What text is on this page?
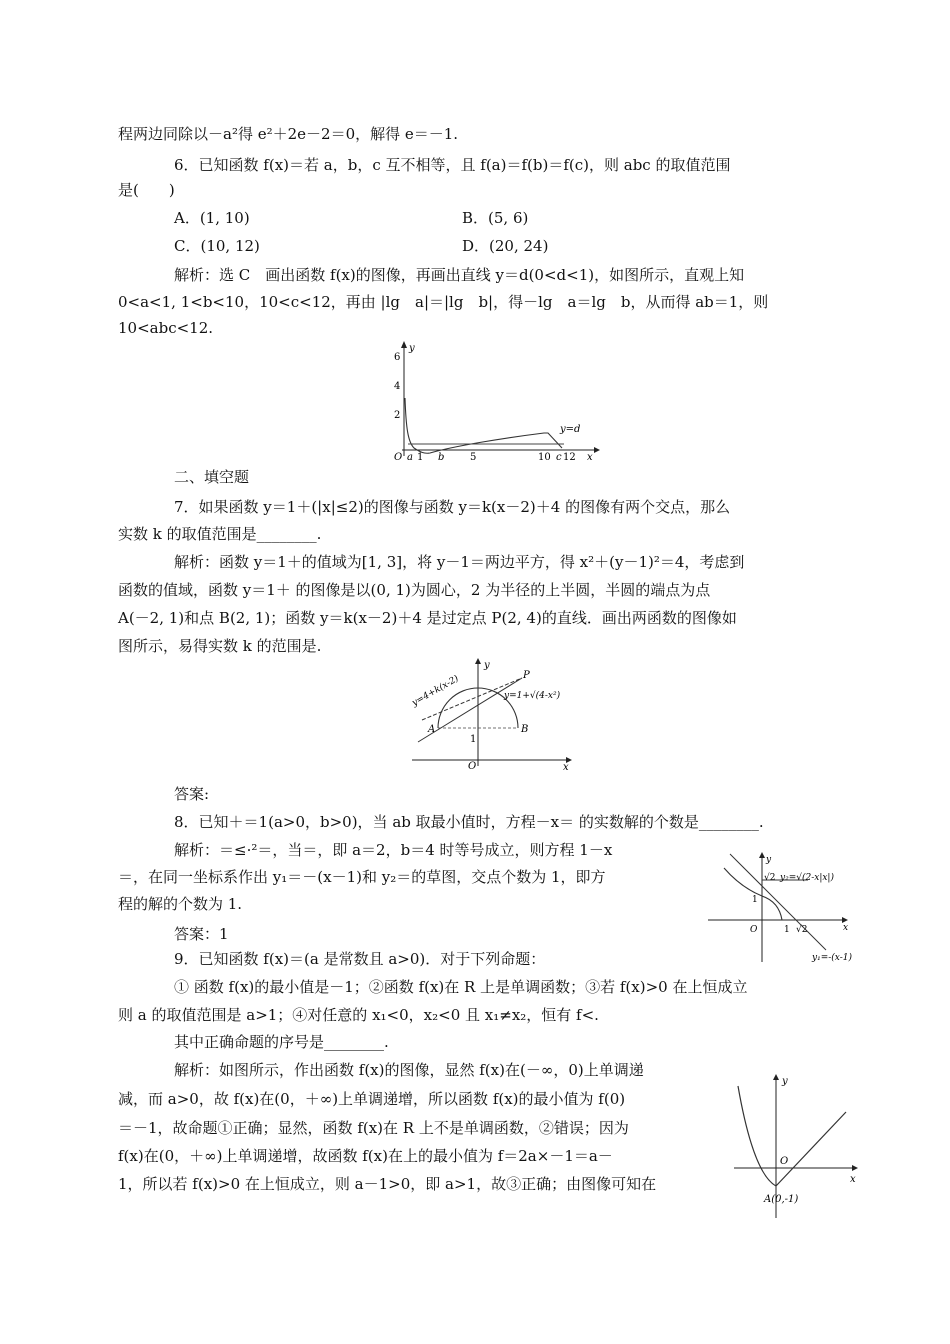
程两边同除以－a²得 e²＋2e－2＝0，解得 e＝－1.
6．已知函数 f(x)＝若 a，b，c 互不相等，且 f(a)＝f(b)＝f(c)，则 abc 的取值范围
是(　　)
A．(1, 10)	B．(5, 6)
C．(10, 12)	D．(20, 24)
解析：选 C　画出函数 f(x)的图像，再画出直线 y＝d(0<d<1)，如图所示，直观上知
0<a<1, 1<b<10，10<c<12，再由 |lg　a|＝|lg　b|，得－lg　a＝lg　b，从而得 ab＝1，则
10<abc<12.
y
6
4
2
y=d
O a 1 b	5	10 c 12 x
二、填空题
7．如果函数 y＝1＋(|x|≤2)的图像与函数 y＝k(x－2)＋4 的图像有两个交点，那么
实数 k 的取值范围是________.
解析：函数 y＝1＋的值域为[1, 3]，将 y－1＝两边平方，得 x²＋(y－1)²＝4，考虑到
函数的值域，函数 y＝1＋ 的图像是以(0, 1)为圆心，2 为半径的上半圆，半圆的端点为点
A(－2, 1)和点 B(2, 1)；函数 y＝k(x－2)＋4 是过定点 P(2, 4)的直线．画出两函数的图像如
图所示，易得实数 k 的范围是.
y
x
O
P
A	B
1
y=4+k(x-2)	y=1+√(4-x²)
答案:
8．已知＋＝1(a>0，b>0)，当 ab 取最小值时，方程－x＝ 的实数解的个数是________.
解析：＝≤·²＝，当＝，即 a＝2，b＝4 时等号成立，则方程 1－x
＝，在同一坐标系作出 y₁＝－(x－1)和 y₂＝的草图，交点个数为 1，即方
程的解的个数为 1.
y
x
√2
1
O	1 √2
y₂=√(2-x|x|)
y₁=-(x-1)
答案：1
9．已知函数 f(x)＝(a 是常数且 a>0)．对于下列命题：
① 函数 f(x)的最小值是－1；②函数 f(x)在 R 上是单调函数；③若 f(x)>0 在上恒成立
则 a 的取值范围是 a>1；④对任意的 x₁<0，x₂<0 且 x₁≠x₂，恒有 f<.
其中正确命题的序号是________.
解析：如图所示，作出函数 f(x)的图像，显然 f(x)在(－∞，0)上单调递
减，而 a>0，故 f(x)在(0，＋∞)上单调递增，所以函数 f(x)的最小值为 f(0)
＝－1，故命题①正确；显然，函数 f(x)在 R 上不是单调函数，②错误；因为
f(x)在(0，＋∞)上单调递增，故函数 f(x)在上的最小值为 f＝2a×－1＝a－
1，所以若 f(x)>0 在上恒成立，则 a－1>0，即 a>1，故③正确；由图像可知在
y
x
O
A(0,-1)
